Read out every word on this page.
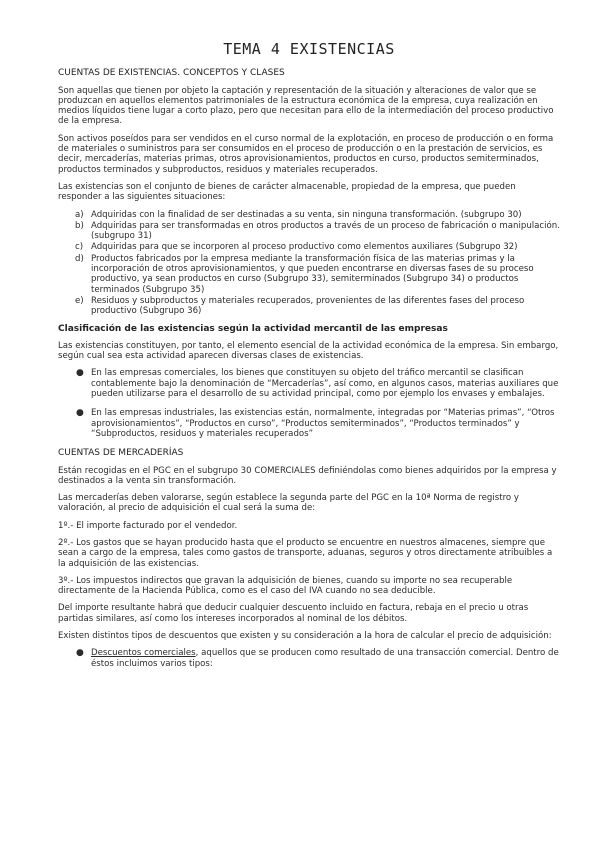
TEMA 4 EXISTENCIAS
CUENTAS DE EXISTENCIAS. CONCEPTOS Y CLASES

Son aquellas que tienen por objeto la captación y representación de la situación y alteraciones de valor que se produzcan en aquellos elementos patrimoniales de la estructura económica de la empresa, cuya realización en medios líquidos tiene lugar a corto plazo, pero que necesitan para ello de la intermediación del proceso productivo de la empresa.

Son activos poseídos para ser vendidos en el curso normal de la explotación, en proceso de producción o en forma de materiales o suministros para ser consumidos en el proceso de producción o en la prestación de servicios, es decir, mercaderías, materias primas, otros aprovisionamientos, productos en curso, productos semiterminados, productos terminados y subproductos, residuos y materiales recuperados.

Las existencias son el conjunto de bienes de carácter almacenable, propiedad de la empresa, que pueden responder a las siguientes situaciones:

a) Adquiridas con la finalidad de ser destinadas a su venta, sin ninguna transformación. (subgrupo 30)
b) Adquiridas para ser transformadas en otros productos a través de un proceso de fabricación o manipulación. (subgrupo 31)
c) Adquiridas para que se incorporen al proceso productivo como elementos auxiliares (Subgrupo 32)
d) Productos fabricados por la empresa mediante la transformación física de las materias primas y la incorporación de otros aprovisionamientos, y que pueden encontrarse en diversas fases de su proceso productivo, ya sean productos en curso (Subgrupo 33), semiterminados (Subgrupo 34) o productos terminados (Subgrupo 35)
e) Residuos y subproductos y materiales recuperados, provenientes de las diferentes fases del proceso productivo (Subgrupo 36)
Clasificación de las existencias según la actividad mercantil de las empresas

Las existencias constituyen, por tanto, el elemento esencial de la actividad económica de la empresa. Sin embargo, según cual sea esta actividad aparecen diversas clases de existencias.

● En las empresas comerciales, los bienes que constituyen su objeto del tráfico mercantil se clasifican contablemente bajo la denominación de “Mercaderías”, así como, en algunos casos, materias auxiliares que pueden utilizarse para el desarrollo de su actividad principal, como por ejemplo los envases y embalajes.
● En las empresas industriales, las existencias están, normalmente, integradas por “Materias primas”, “Otros aprovisionamientos”, “Productos en curso”, “Productos semiterminados”, “Productos terminados” y “Subproductos, residuos y materiales recuperados”
CUENTAS DE MERCADERÍAS

Están recogidas en el PGC en el subgrupo 30 COMERCIALES definiéndolas como bienes adquiridos por la empresa y destinados a la venta sin transformación.

Las mercaderías deben valorarse, según establece la segunda parte del PGC en la 10ª Norma de registro y valoración, al precio de adquisición el cual será la suma de:

1º.- El importe facturado por el vendedor.

2º.- Los gastos que se hayan producido hasta que el producto se encuentre en nuestros almacenes, siempre que sean a cargo de la empresa, tales como gastos de transporte, aduanas, seguros y otros directamente atribuibles a la adquisición de las existencias.

3º.- Los impuestos indirectos que gravan la adquisición de bienes, cuando su importe no sea recuperable directamente de la Hacienda Pública, como es el caso del IVA cuando no sea deducible.

Del importe resultante habrá que deducir cualquier descuento incluido en factura, rebaja en el precio u otras partidas similares, así como los intereses incorporados al nominal de los débitos.

Existen distintos tipos de descuentos que existen y su consideración a la hora de calcular el precio de adquisición:

● Descuentos comerciales, aquellos que se producen como resultado de una transacción comercial. Dentro de éstos incluimos varios tipos:
